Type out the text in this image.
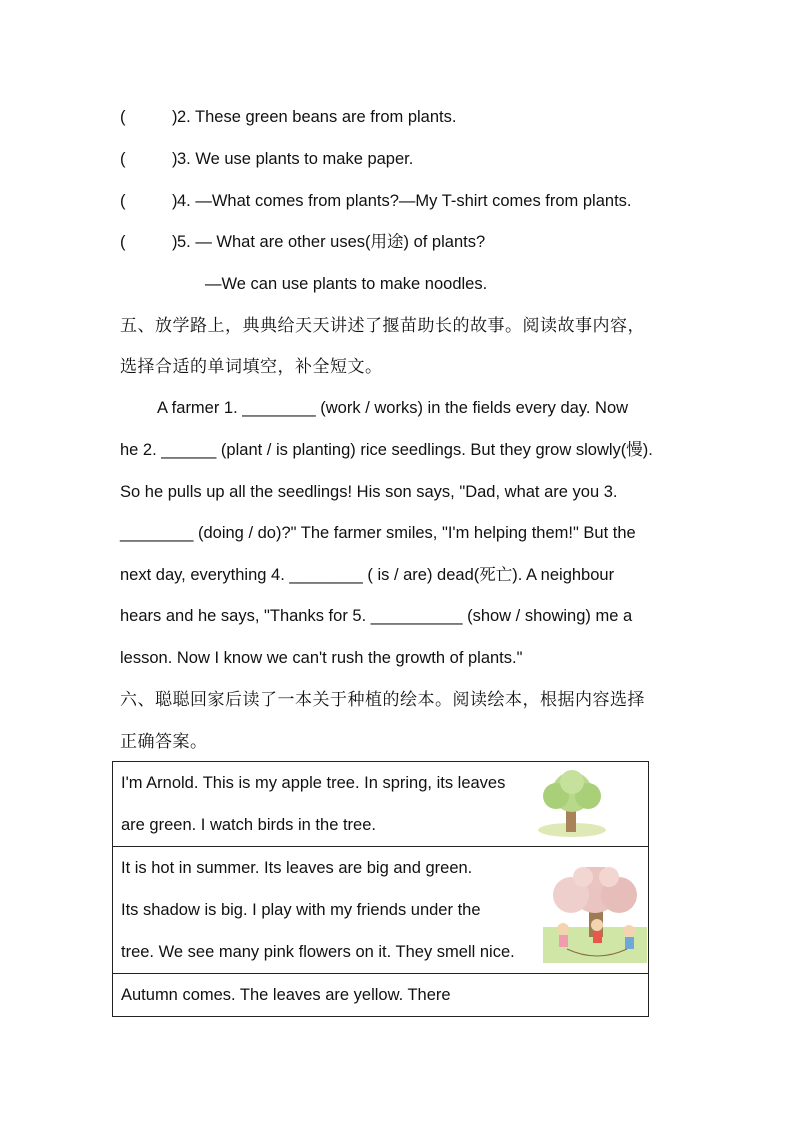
(	) 2. These green beans are from plants.
(	) 3. We use plants to make paper.
(	) 4. —What comes from plants?—My T-shirt comes from plants.
(	) 5. — What are other uses(用途) of plants?
—We can use plants to make noodles.
五、放学路上，典典给天天讲述了揠苗助长的故事。阅读故事内容，
选择合适的单词填空，补全短文。
A farmer 1. ________ (work / works) in the fields every day. Now
he 2. ______ (plant / is planting) rice seedlings. But they grow slowly(慢).
So he pulls up all the seedlings! His son says, "Dad, what are you 3.
________ (doing / do)?" The farmer smiles, "I'm helping them!" But the
next day, everything 4. ________ ( is / are) dead(死亡). A neighbour
hears and he says, "Thanks for 5. __________ (show / showing) me a
lesson. Now I know we can't rush the growth of plants."
六、聪聪回家后读了一本关于种植的绘本。阅读绘本，根据内容选择
正确答案。
I'm Arnold. This is my apple tree. In spring, its leaves
are green. I watch birds in the tree.

It is hot in summer. Its leaves are big and green.
Its shadow is big. I play with my friends under the
tree. We see many pink flowers on it. They smell nice.

Autumn comes. The leaves are yellow. There
